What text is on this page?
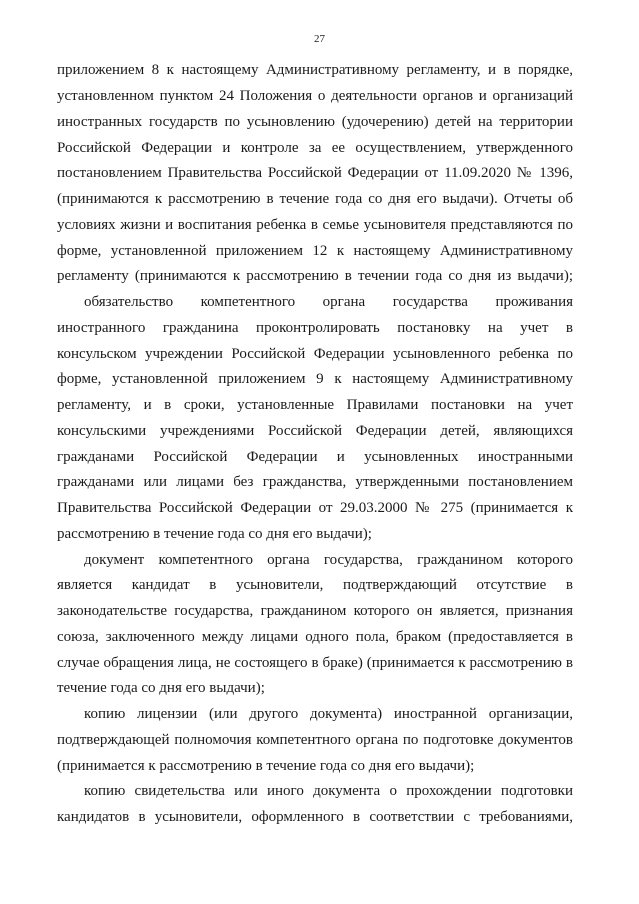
27
приложением 8 к настоящему Административному регламенту, и в порядке,
установленном пунктом 24 Положения о деятельности органов и организаций
иностранных государств по усыновлению (удочерению) детей на территории
Российской Федерации и контроле за ее осуществлением, утвержденного
постановлением Правительства Российской Федерации от 11.09.2020 № 1396,
(принимаются к рассмотрению в течение года со дня его выдачи). Отчеты об
условиях жизни и воспитания ребенка в семье усыновителя представляются по
форме, установленной приложением 12 к настоящему Административному
регламенту (принимаются к рассмотрению в течении года со дня из выдачи);
обязательство компетентного органа государства проживания
иностранного гражданина проконтролировать постановку на учет в
консульском учреждении Российской Федерации усыновленного ребенка по
форме, установленной приложением 9 к настоящему Административному
регламенту, и в сроки, установленные Правилами постановки на учет
консульскими учреждениями Российской Федерации детей, являющихся
гражданами Российской Федерации и усыновленных иностранными
гражданами или лицами без гражданства, утвержденными постановлением
Правительства Российской Федерации от 29.03.2000 № 275 (принимается к
рассмотрению в течение года со дня его выдачи);
документ компетентного органа государства, гражданином которого
является кандидат в усыновители, подтверждающий отсутствие в
законодательстве государства, гражданином которого он является, признания
союза, заключенного между лицами одного пола, браком (предоставляется в
случае обращения лица, не состоящего в браке) (принимается к рассмотрению в
течение года со дня его выдачи);
копию лицензии (или другого документа) иностранной организации,
подтверждающей полномочия компетентного органа по подготовке документов
(принимается к рассмотрению в течение года со дня его выдачи);
копию свидетельства или иного документа о прохождении подготовки
кандидатов в усыновители, оформленного в соответствии с требованиями,
